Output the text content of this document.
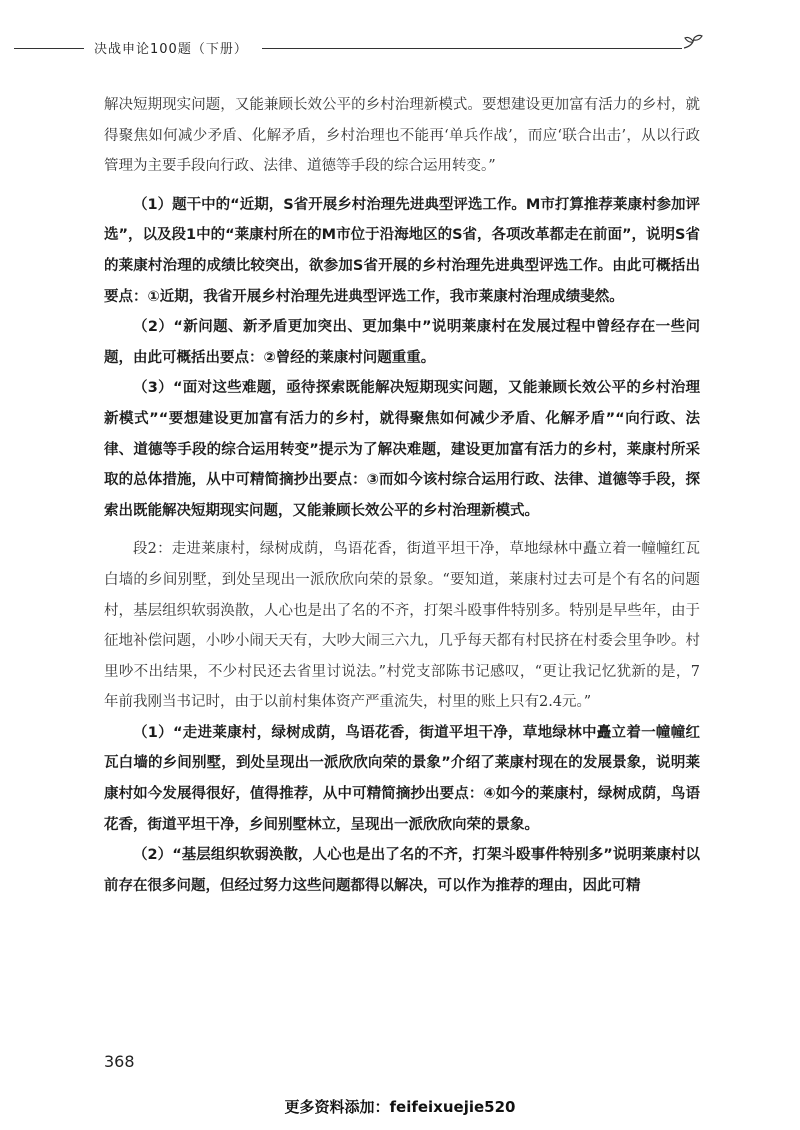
决战申论100题（下册）

解决短期现实问题，又能兼顾长效公平的乡村治理新模式。要想建设更加富有活力的乡村，就得聚焦如何减少矛盾、化解矛盾，乡村治理也不能再‘单兵作战’，而应‘联合出击’，从以行政管理为主要手段向行政、法律、道德等手段的综合运用转变。”

（1）题干中的“近期，S省开展乡村治理先进典型评选工作。M市打算推荐莱康村参加评选”，以及段1中的“莱康村所在的M市位于沿海地区的S省，各项改革都走在前面”，说明S省的莱康村治理的成绩比较突出，欲参加S省开展的乡村治理先进典型评选工作。由此可概括出要点：①近期，我省开展乡村治理先进典型评选工作，我市莱康村治理成绩斐然。

（2）“新问题、新矛盾更加突出、更加集中”说明莱康村在发展过程中曾经存在一些问题，由此可概括出要点：②曾经的莱康村问题重重。

（3）“面对这些难题，亟待探索既能解决短期现实问题，又能兼顾长效公平的乡村治理新模式”“要想建设更加富有活力的乡村，就得聚焦如何减少矛盾、化解矛盾”“向行政、法律、道德等手段的综合运用转变”提示为了解决难题，建设更加富有活力的乡村，莱康村所采取的总体措施，从中可精简摘抄出要点：③而如今该村综合运用行政、法律、道德等手段，探索出既能解决短期现实问题，又能兼顾长效公平的乡村治理新模式。

段2：走进莱康村，绿树成荫，鸟语花香，街道平坦干净，草地绿林中矗立着一幢幢红瓦白墙的乡间别墅，到处呈现出一派欣欣向荣的景象。“要知道，莱康村过去可是个有名的问题村，基层组织软弱涣散，人心也是出了名的不齐，打架斗殴事件特别多。特别是早些年，由于征地补偿问题，小吵小闹天天有，大吵大闹三六九，几乎每天都有村民挤在村委会里争吵。村里吵不出结果，不少村民还去省里讨说法。”村党支部陈书记感叹，“更让我记忆犹新的是，7年前我刚当书记时，由于以前村集体资产严重流失，村里的账上只有2.4元。”

（1）“走进莱康村，绿树成荫，鸟语花香，街道平坦干净，草地绿林中矗立着一幢幢红瓦白墙的乡间别墅，到处呈现出一派欣欣向荣的景象”介绍了莱康村现在的发展景象，说明莱康村如今发展得很好，值得推荐，从中可精简摘抄出要点：④如今的莱康村，绿树成荫，鸟语花香，街道平坦干净，乡间别墅林立，呈现出一派欣欣向荣的景象。

（2）“基层组织软弱涣散，人心也是出了名的不齐，打架斗殴事件特别多”说明莱康村以前存在很多问题，但经过努力这些问题都得以解决，可以作为推荐的理由，因此可精

368
更多资料添加：feifeixuejie520
